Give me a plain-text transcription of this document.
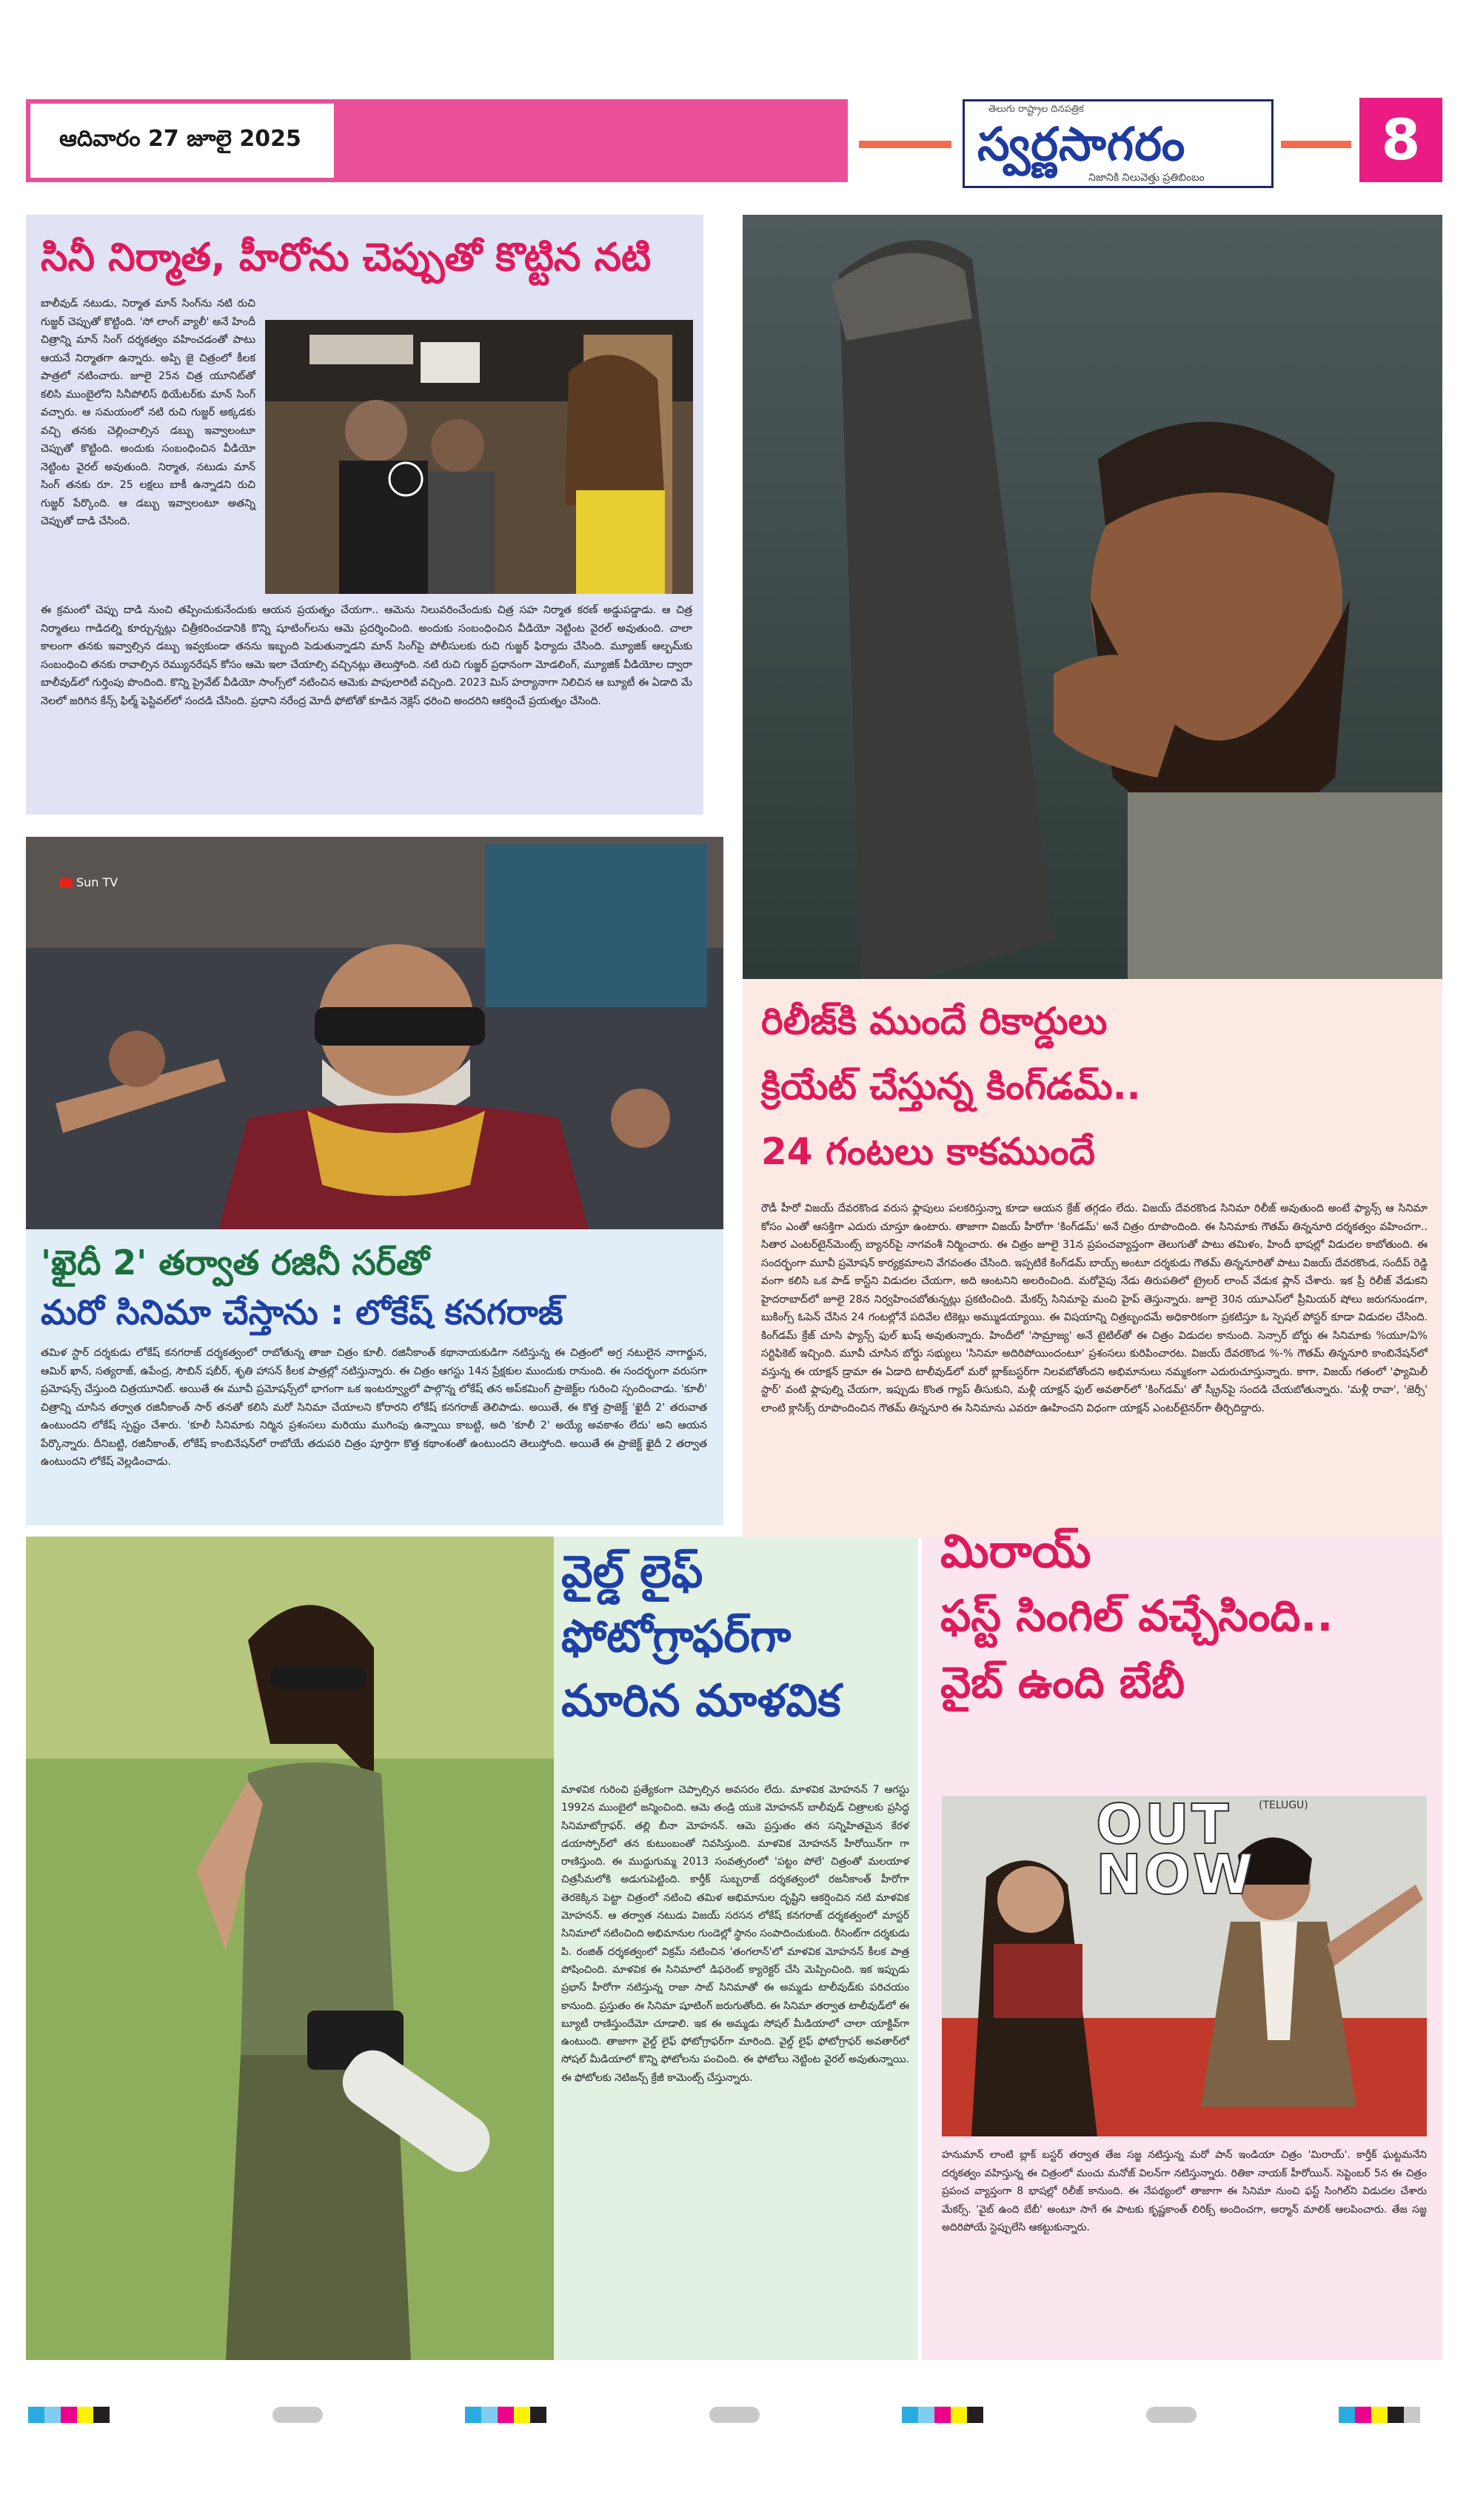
ఆదివారం 27 జూలై 2025
తెలుగు రాష్ట్రాల దినపత్రిక
స్వర్ణసాగరం
నిజానికి నిలువెత్తు ప్రతిబింబం
8
సినీ నిర్మాత, హీరోను చెప్పుతో కొట్టిన నటి
బాలీవుడ్ నటుడు, నిర్మాత మాన్ సింగ్‌ను నటి రుచి గుజ్జర్ చెప్పుతో కొట్టింది. 'సో లాంగ్ వ్యాలీ' అనే హిందీ చిత్రాన్ని మాన్ సింగ్ దర్శకత్వం వహించడంతో పాటు ఆయనే నిర్మాతగా ఉన్నారు. అప్పి జై చిత్రంలో కీలక పాత్రలో నటించారు. జూలై 25న చిత్ర యూనిట్‌తో కలిసి ముంబైలోని సినీపోలిస్ థియేటర్‌కు మాన్ సింగ్ వచ్చారు. ఆ సమయంలో నటి రుచి గుజ్జర్ అక్కడకు వచ్చి తనకు చెల్లించాల్సిన డబ్బు ఇవ్వాలంటూ చెప్పుతో కొట్టింది. అందుకు సంబంధించిన వీడియో నెట్టింట వైరల్ అవుతుంది. నిర్మాత, నటుడు మాన్ సింగ్ తనకు రూ. 25 లక్షలు బాకీ ఉన్నాడని రుచి గుజ్జర్ పేర్కొంది. ఆ డబ్బు ఇవ్వాలంటూ అతన్ని చెప్పుతో దాడి చేసింది.
ఈ క్రమంలో చెప్పు దాడి నుంచి తప్పించుకునేందుకు ఆయన ప్రయత్నం చేయగా.. ఆమెను నిలువరించేందుకు చిత్ర సహ నిర్మాత కరణ్ అడ్డుపడ్డాడు. ఆ చిత్ర నిర్మాతలు గాడిదల్ని కూర్చున్నట్లు చిత్రీకరించడానికి కొన్ని షూటింగ్‌లను ఆమె ప్రదర్శించింది. అందుకు సంబంధించిన వీడియో నెట్టింట వైరల్ అవుతుంది. చాలా కాలంగా తనకు ఇవ్వాల్సిన డబ్బు ఇవ్వకుండా తనను ఇబ్బంది పెడుతున్నాడని మాన్ సింగ్‌పై పోలీసులకు రుచి గుజ్జర్ ఫిర్యాదు చేసింది. మ్యూజిక్ ఆల్బమ్‌కు సంబంధించి తనకు రావాల్సిన రెమ్యునరేషన్ కోసం ఆమె ఇలా చేయాల్సి వచ్చినట్లు తెలుస్తోంది. నటి రుచి గుజ్జర్ ప్రధానంగా మోడలింగ్, మ్యూజిక్ వీడియోల ద్వారా బాలీవుడ్‌లో గుర్తింపు పొందింది. కొన్ని ప్రైవేట్ వీడియో సాంగ్స్‌లో నటించిన ఆమెకు పాపులారిటీ వచ్చింది. 2023 మిస్ హర్యానాగా నిలిచిన ఆ బ్యూటీ ఈ ఏడాది మే నెలలో జరిగిన కేన్స్ ఫిల్మ్ ఫెస్టివల్‌లో సందడి చేసింది. ప్రధాని నరేంద్ర మోదీ ఫోటోతో కూడిన నెక్లెస్ ధరించి అందరిని ఆకర్షించే ప్రయత్నం చేసింది.
రిలీజ్‌కి ముందే రికార్డులు
క్రియేట్ చేస్తున్న కింగ్‌డమ్..
24 గంటలు కాకముందే
రౌడీ హీరో విజయ్ దేవరకొండ వరుస ఫ్లాపులు పలకరిస్తున్నా కూడా ఆయన క్రేజ్ తగ్గడం లేదు. విజయ్ దేవరకొండ సినిమా రిలీజ్ అవుతుంది అంటే ఫ్యాన్స్ ఆ సినిమా కోసం ఎంతో ఆసక్తిగా ఎదురు చూస్తూ ఉంటారు. తాజాగా విజయ్ హీరోగా 'కింగ్‌డమ్' అనే చిత్రం రూపొందింది. ఈ సినిమాకు గౌతమ్ తిన్ననూరి దర్శకత్వం వహించగా.. సితార ఎంటర్‌టైన్‌మెంట్స్ బ్యానర్‌పై నాగవంశీ నిర్మించారు. ఈ చిత్రం జూలై 31న ప్రపంచవ్యాప్తంగా తెలుగుతో పాటు తమిళం, హిందీ భాషల్లో విడుదల కాబోతుంది. ఈ సందర్భంగా మూవీ ప్రమోషన్ కార్యక్రమాలని వేగవంతం చేసింది. ఇప్పటికే కింగ్‌డమ్ బాయ్స్ అంటూ దర్శకుడు గౌతమ్ తిన్ననూరితో పాటు విజయ్ దేవరకొండ, సందీప్ రెడ్డి వంగా కలిసి ఒక పాడ్ కాస్ట్‌ని విడుదల చేయగా, అది ఆంటనిని అలరించింది. మరోవైపు నేడు తిరుపతిలో ట్రైలర్ లాంచ్ వేడుక ప్లాన్ చేశారు. ఇక ప్రీ రిలీజ్ వేడుకని హైదరాబాద్‌లో జూలై 28న నిర్వహించబోతున్నట్లు ప్రకటించింది. మేకర్స్ సినిమాపై మంచి హైప్ తెస్తున్నారు. జూలై 30న యూఎస్‌లో ప్రీమియర్ షోలు జరుగనుండగా, బుకింగ్స్ ఓపెన్ చేసిన 24 గంటల్లోనే పదివేల టికెట్లు అమ్ముడయ్యాయి. ఈ విషయాన్ని చిత్రబృందమే అధికారికంగా ప్రకటిస్తూ ఓ స్పెషల్ పోస్టర్ కూడా విడుదల చేసింది. కింగ్‌డమ్ క్రేజ్ చూసి ఫ్యాన్స్ ఫుల్ ఖుష్ అవుతున్నారు. హిందీలో 'సామ్రాజ్య' అనే టైటిల్‌తో ఈ చిత్రం విడుదల కానుంది. సెన్సార్ బోర్డు ఈ సినిమాకు %యూ/ఏ% సర్టిఫికెట్ ఇచ్చింది. మూవీ చూసిన బోర్డు సభ్యులు 'సినిమా అదిరిపోయిందంటూ' ప్రశంసలు కురిపించారట. విజయ్ దేవరకొండ %-% గౌతమ్ తిన్ననూరి కాంబినేషన్‌లో వస్తున్న ఈ యాక్షన్ డ్రామా ఈ ఏడాది టాలీవుడ్‌లో మరో బ్లాక్‌బస్టర్‌గా నిలవబోతోందని అభిమానులు నమ్మకంగా ఎదురుచూస్తున్నారు. కాగా, విజయ్ గతంలో 'ఫ్యామిలీ స్టార్' వంటి ఫ్లాపుల్ని చేయగా, ఇప్పుడు కొంత గ్యాప్ తీసుకుని, మళ్లీ యాక్షన్ ఫుల్ అవతార్‌లో 'కింగ్‌డమ్' తో స్క్రీన్‌పై సందడి చేయబోతున్నారు. 'మళ్లీ రావా', 'జెర్సీ' లాంటి క్లాసిక్స్ రూపొందించిన గౌతమ్ తిన్ననూరి ఈ సినిమాను ఎవరూ ఊహించని విధంగా యాక్షన్ ఎంటర్‌టైనర్‌గా తీర్చిదిద్దారు.
Sun TV
'ఖైదీ 2' తర్వాత రజినీ సర్‌తో
మరో సినిమా చేస్తాను : లోకేష్ కనగరాజ్
తమిళ స్టార్ దర్శకుడు లోకేష్ కనగరాజ్ దర్శకత్వంలో రాబోతున్న తాజా చిత్రం కూలీ. రజినీకాంత్ కథానాయకుడిగా నటిస్తున్న ఈ చిత్రంలో అగ్ర నటులైన నాగార్జున, ఆమిర్ ఖాన్, సత్యరాజ్, ఉపేంద్ర, సౌబిన్ షబీర్, శృతి హాసన్ కీలక పాత్రల్లో నటిస్తున్నారు. ఈ చిత్రం ఆగస్టు 14న ప్రేక్షకుల ముందుకు రానుంది. ఈ సందర్భంగా వరుసగా ప్రమోషన్స్ చేస్తుంది చిత్రయూనిట్. అయితే ఈ మూవీ ప్రమోషన్స్‌లో భాగంగా ఒక ఇంటర్వ్యూలో పాల్గొన్న లోకేష్ తన అప్‌కమింగ్ ప్రాజెక్ట్‌ల గురించి స్పందించాడు. 'కూలీ' చిత్రాన్ని చూసిన తర్వాత రజినీకాంత్ సార్ తనతో కలిసి మరో సినిమా చేయాలని కోరారని లోకేష్ కనగరాజ్ తెలిపాడు. అయితే, ఈ కొత్త ప్రాజెక్ట్ 'ఖైదీ 2' తరువాత ఉంటుందని లోకేష్ స్పష్టం చేశారు. 'కూలీ సినిమాకు నిర్మిన ప్రశంసలు మరియు ముగింపు ఉన్నాయి కాబట్టి, అది 'కూలీ 2' అయ్యే అవకాశం లేదు' అని ఆయన పేర్కొన్నారు. దీనిబట్టి, రజినీకాంత్, లోకేష్ కాంబినేషన్‌లో రాబోయే తదుపరి చిత్రం పూర్తిగా కొత్త కథాంశంతో ఉంటుందని తెలుస్తోంది. అయితే ఈ ప్రాజెక్ట్ ఖైదీ 2 తర్వాత ఉంటుందని లోకేష్ వెల్లడించాడు.
వైల్డ్ లైఫ్
ఫోటోగ్రాఫర్‌గా
మారిన మాళవిక
మాళవిక గురించి ప్రత్యేకంగా చెప్పాల్సిన అవసరం లేదు. మాళవిక మోహనన్ 7 ఆగస్టు 1992న ముంబైలో జన్మించింది. ఆమె తండ్రి యుకె మోహనన్ బాలీవుడ్ చిత్రాలకు ప్రసిద్ధ సినిమాటోగ్రాఫర్. తల్లి బీనా మోహనన్. ఆమె ప్రస్తుతం తన సన్నిహితమైన కేరళ డయాస్పోర్‌లో తన కుటుంబంతో నివసిస్తుంది. మాళవిక మోహనన్ హీరోయిన్‌గా గా రాణిస్తుంది. ఈ ముద్దుగుమ్మ 2013 సంవత్సరంలో 'పట్టం పోలే' చిత్రంతో మలయాళ చిత్రసీమలోకి అడుగుపెట్టింది. కార్తీక్ సుబ్బరాజ్ దర్శకత్వంలో రజనీకాంత్ హీరోగా తెరకెక్కిన పెట్టా చిత్రంలో నటించి తమిళ అభిమానుల దృష్టిని ఆకర్షించిన నటి మాళవిక మోహనన్. ఆ తర్వాత నటుడు విజయ్ సరసన లోకేష్ కనగరాజ్ దర్శకత్వంలో మాస్టర్ సినిమాలో నటించింది అభిమానుల గుండెల్లో స్థానం సంపాదించుకుంది. రీసెంట్‌గా దర్శకుడు పి. రంజిత్ దర్శకత్వంలో విక్రమ్ నటించిన 'తంగలాన్'లో మాళవిక మోహనన్ కీలక పాత్ర పోషించింది. మాళవిక ఈ సినిమాలో డిఫరెంట్ క్యారెక్టర్ చేసి మెప్పించింది. ఇక ఇప్పుడు ప్రభాస్ హీరోగా నటిస్తున్న రాజా సాబ్ సినిమాతో ఈ అమ్మడు టాలీవుడ్‌కు పరిచయం కానుంది. ప్రస్తుతం ఈ సినిమా షూటింగ్ జరుగుతోంది. ఈ సినిమా తర్వాత టాలీవుడ్‌లో ఈ బ్యూటీ రాణిస్తుందేమో చూడాలి. ఇక ఈ అమ్మడు సోషల్ మీడియాలో చాలా యాక్టివ్‌గా ఉంటుంది. తాజాగా వైల్డ్ లైఫ్ ఫోటోగ్రాఫర్‌గా మారింది. వైల్డ్ లైఫ్ ఫోటోగ్రాఫర్ అవతార్‌లో సోషల్ మీడియాలో కొన్ని ఫోటోలను పంచింది. ఈ ఫోటోలు నెట్టింట వైరల్ అవుతున్నాయి. ఈ ఫోటోలకు నెటిజన్స్ క్రేజీ కామెంట్స్ చేస్తున్నారు.
మిరాయ్
ఫస్ట్ సింగిల్ వచ్చేసింది..
వైబ్ ఉంది బేబీ
OUT NOW
(TELUGU)
హనుమాన్ లాంటి బ్లాక్ బస్టర్ తర్వాత తేజ సజ్జ నటిస్తున్న మరో పాన్ ఇండియా చిత్రం 'మిరాయ్'. కార్తీక్ ఘట్టమనేని దర్శకత్వం వహిస్తున్న ఈ చిత్రంలో మంచు మనోజ్ విలన్‌గా నటిస్తున్నారు. రితికా నాయక్ హీరోయిన్. సెప్టెంబర్ 5న ఈ చిత్రం ప్రపంచ వ్యాప్తంగా 8 భాషల్లో రిలీజ్ కానుంది. ఈ నేపథ్యంలో తాజాగా ఈ సినిమా నుంచి ఫస్ట్ సింగిల్‌ని విడుదల చేశారు మేకర్స్. 'వైబ్ ఉంది బేబీ' అంటూ సాగే ఈ పాటకు కృష్ణకాంత్ లిరిక్స్ అందించగా, అర్మాన్ మాలిక్ ఆలపించారు. తేజ సజ్జ అదిరిపోయే స్టెప్పులేసి ఆకట్టుకున్నారు.
